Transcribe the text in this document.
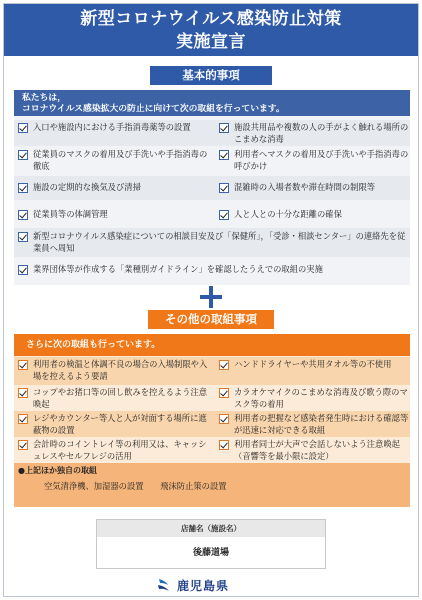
新型コロナウイルス感染防止対策
実施宣言
基本的事項
私たちは，
コロナウイルス感染拡大の防止に向けて次の取組を行っています。
入口や施設内における手指消毒薬等の設置	施設共用品や複数の人の手がよく触れる場所のこまめな消毒
従業員のマスクの着用及び手洗いや手指消毒の徹底
利用者へマスクの着用及び手洗いや手指消毒の呼びかけ
施設の定期的な換気及び清掃	混雑時の入場者数や滞在時間の制限等
従業員等の体調管理	人と人との十分な距離の確保
新型コロナウイルス感染症についての相談目安及び「保健所」，「受診・相談センター」の連絡先を従業員へ周知
業界団体等が作成する「業種別ガイドライン」を確認したうえでの取組の実施
その他の取組事項
さらに次の取組も行っています。
利用者の検温と体調不良の場合の入場制限や入場を控えるよう要請
ハンドドライヤーや共用タオル等の不使用
コップやお猪口等の回し飲みを控えるよう注意喚起
カラオケマイクのこまめな消毒及び歌う際のマスク等の着用
レジやカウンター等人と人が対面する場所に遮蔽物の設置
利用者の把握など感染者発生時における確認等が迅速に対応できる取組
会計時のコイントレイ等の利用又は、キャッシュレスやセルフレジの活用
利用者同士が大声で会話しないよう注意喚起（音響等を最小限に設定）
●上記ほか独自の取組
空気清浄機、加湿器の設置　　飛沫防止策の設置
店舗名（施設名）
後藤道場
鹿児島県
